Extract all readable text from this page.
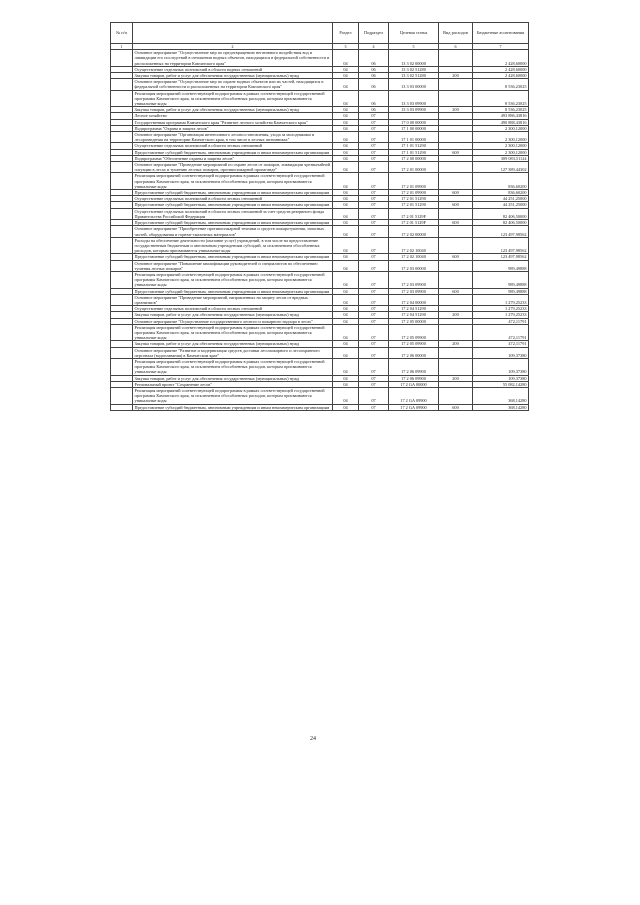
№ п/п		Раздел	Подраздел	Целевая статья	Вид расходов	Бюджетные ассигнования
1	2	3	4	5	6	7
	Основное мероприятие "Осуществление мер по предотвращению негативного воздействия вод и ликвидации его последствий в отношении водных объектов, находящихся в федеральной собственности и расположенных на территории Камчатского края"	04	06	13 3 02 00000		2 428,60000
	Осуществление отдельных полномочий в области водных отношений	04	06	13 3 02 51280		2 428,60000
	Закупка товаров, работ и услуг для обеспечения государственных (муниципальных) нужд	04	06	13 3 02 51280	200	2 428,60000
	Основное мероприятие "Осуществление мер по охране водных объектов или их частей, находящихся в федеральной собственности и расположенных на территории Камчатского края"	04	06	13 3 03 00000		8 536,23025
	Реализация мероприятий соответствующей подпрограммы в рамках соответствующей государственной программы Камчатского края, за исключением обособленных расходов, которым присваиваются уникальные коды	04	06	13 3 03 09900		8 536,23025
	Закупка товаров, работ и услуг для обеспечения государственных (муниципальных) нужд	04	06	13 3 03 09900	200	8 536,23025
	Лесное хозяйство	04	07			493 886,43816
	Государственная программа Камчатского края "Развитие лесного хозяйства Камчатского края"	04	07	17 0 00 00000		490 888,43816
	Подпрограмма "Охрана и защита лесов"	04	07	17 1 00 00000		2 300,12000
	Основное мероприятие "Организация интенсивного лесовосстановления, ухода за молодняками и лесоразведения на территории Камчатского края, в том числе в лесных питомниках"	04	07	17 1 01 00000		2 300,12000
	Осуществление отдельных полномочий в области лесных отношений	04	07	17 1 01 51290		2 300,12000
	Предоставление субсидий бюджетным, автономным учреждениям и иным некоммерческим организациям	04	07	17 1 01 51290	600	2 300,12000
	Подпрограмма "Обеспечение охраны и защиты лесов"	04	07	17 2 00 00000		309 083,51124
	Основное мероприятие "Проведение мероприятий по охране лесов от пожаров, ликвидации чрезвычайной ситуации в лесах и тушению лесных пожаров, противопожарной пропаганде"	04	07	17 2 01 00000		127 389,44302
	Реализация мероприятий соответствующей подпрограммы в рамках соответствующей государственной программы Камчатского края, за исключением обособленных расходов, которым присваиваются уникальные коды	04	07	17 2 01 09900		836,60200
	Предоставление субсидий бюджетным, автономным учреждениям и иным некоммерческим организациям	04	07	17 2 01 09900	600	836,60200
	Осуществление отдельных полномочий в области лесных отношений	04	07	17 2 01 51290		44 251,25000
	Предоставление субсидий бюджетным, автономным учреждениям и иным некоммерческим организациям	04	07	17 2 01 51290	600	44 251,25000
	Осуществление отдельных полномочий в области лесных отношений за счет средств резервного фонда Правительства Российской Федерации	04	07	17 2 01 5129F		82 406,50000
	Предоставление субсидий бюджетным, автономным учреждениям и иным некоммерческим организациям	04	07	17 2 01 5129F	600	82 406,50000
	Основное мероприятие "Приобретение противопожарной техники и средств пожаротушения, запасных частей, оборудования и горюче-смазочных материалов"	04	07	17 2 02 00000		123 497,98562
	Расходы на обеспечение деятельности (оказание услуг) учреждений, в том числе на предоставление государственным бюджетным и автономным учреждениям субсидий, за исключением обособленных расходов, которым присваиваются уникальные коды	04	07	17 2 02 10040		123 497,98562
	Предоставление субсидий бюджетным, автономным учреждениям и иным некоммерческим организациям	04	07	17 2 02 10040	600	123 497,98562
	Основное мероприятие "Повышение квалификации руководителей и специалистов по обеспечению тушения лесных пожаров"	04	07	17 2 03 00000		989,49888
	Реализация мероприятий соответствующей подпрограммы в рамках соответствующей государственной программы Камчатского края, за исключением обособленных расходов, которым присваиваются уникальные коды	04	07	17 2 03 09900		989,49888
	Предоставление субсидий бюджетным, автономным учреждениям и иным некоммерческим организациям	04	07	17 2 03 09900	600	989,49888
	Основное мероприятие "Проведение мероприятий, направленных на защиту лесов от вредных организмов"	04	07	17 2 04 00000		1 279,25233
	Осуществление отдельных полномочий в области лесных отношений	04	07	17 2 04 51290		1 279,25233
	Закупка товаров, работ и услуг для обеспечения государственных (муниципальных) нужд	04	07	17 2 04 51290	200	1 279,25233
	Основное мероприятие "Осуществление государственного лесного и пожарного надзора в лесах"	04	07	17 2 05 00000		472,11791
	Реализация мероприятий соответствующей подпрограммы в рамках соответствующей государственной программы Камчатского края, за исключением обособленных расходов, которым присваиваются уникальные коды	04	07	17 2 05 09900		472,11791
	Закупка товаров, работ и услуг для обеспечения государственных (муниципальных) нужд	04	07	17 2 05 09900	200	472,11791
	Основное мероприятие "Развитие и модернизация средств доставки лесопожарного и лесоохранного персонала (водоплавания) в Камчатском крае"	04	07	17 2 06 00000		109,37380
	Реализация мероприятий соответствующей подпрограммы в рамках соответствующей государственной программы Камчатского края, за исключением обособленных расходов, которым присваиваются уникальные коды	04	07	17 2 06 09900		109,37380
	Закупка товаров, работ и услуг для обеспечения государственных (муниципальных) нужд	04	07	17 2 06 09900	200	109,37380
	Региональный проект "Сохранение лесов"	04	07	17 2 GA 00000		55 082,14280
	Реализация мероприятий соответствующей подпрограммы в рамках соответствующей государственной программы Камчатского края, за исключением обособленных расходов, которым присваиваются уникальные коды	04	07	17 2 GA 09900		368,14280
	Предоставление субсидий бюджетным, автономным учреждениям и иным некоммерческим организациям	04	07	17 2 GA 09900	600	368,14280
24
